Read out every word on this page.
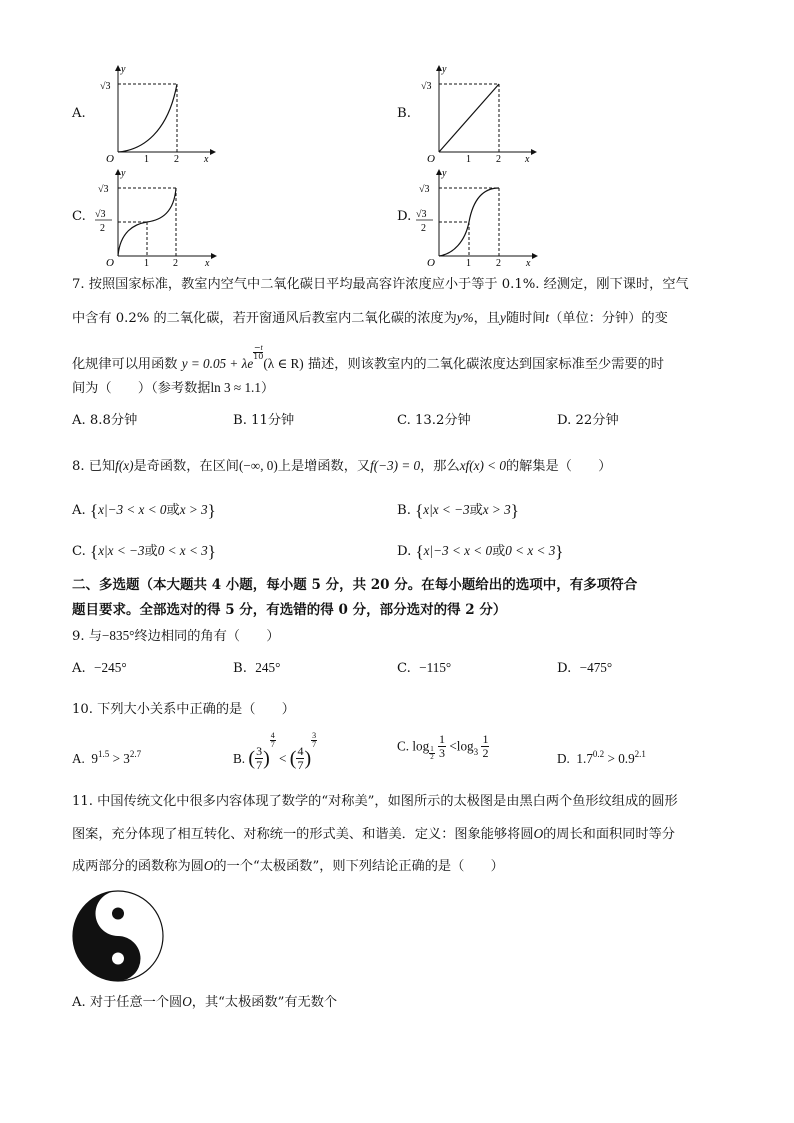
A.
y
x
O
√3
1	2
B.
y
x
O
√3
1	2
C.
y
x
O
√3
√3
2
1 2
D.
y
x
O
√3
√3
2
1	2
7. 按照国家标准，教室内空气中二氧化碳日平均最高容许浓度应小于等于 0.1%. 经测定，刚下课时，空气
中含有 0.2% 的二氧化碳，若开窗通风后教室内二氧化碳的浓度为y%，且y随时间t（单位：分钟）的变
化规律可以用函数 y = 0.05 + λe
$\frac{-t}{10}$
(λ ∈ R) 描述，则该教室内的二氧化碳浓度达到国家标准至少需要的时
间为（　　）（参考数据ln 3 ≈ 1.1）
A. 8.8分钟	B. 11分钟	C. 13.2分钟	D. 22分钟
8. 已知f(x)是奇函数，在区间(−∞, 0)上是增函数，又f(−3) = 0，那么xf(x) < 0的解集是（　　）
A. {x|−3 < x < 0或x > 3}	B. {x|x < −3或x > 3}
C. {x|x < −3或0 < x < 3}	D. {x|−3 < x < 0或0 < x < 3}
二、多选题（本大题共 4 小题，每小题 5 分，共 20 分。在每小题给出的选项中，有多项符合
题目要求。全部选对的得 5 分，有选错的得 0 分，部分选对的得 2 分）
9. 与−835°终边相同的角有（　　）
A. −245°	B. 245°	C. −115°	D. −475°
10. 下列大小关系中正确的是（　　）
A. $9^{1.5} > 3^{2.7}$	B. ( $\frac{3}{7}$ )
$\frac{4}{7}$
< ( $\frac{4}{7}$ )
$\frac{3}{7}$	C. $\log \frac{1}{2}$
$\frac{1}{3} <\log_3 \frac{1}{2}$	D. $1.7^{0.2} > 0.9^{2.1}$
11. 中国传统文化中很多内容体现了数学的“对称美”，如图所示的太极图是由黑白两个鱼形纹组成的圆形
图案，充分体现了相互转化、对称统一的形式美、和谐美．定义：图象能够将圆O的周长和面积同时等分
成两部分的函数称为圆O的一个“太极函数”，则下列结论正确的是（　　）
A. 对于任意一个圆O，其“太极函数”有无数个
